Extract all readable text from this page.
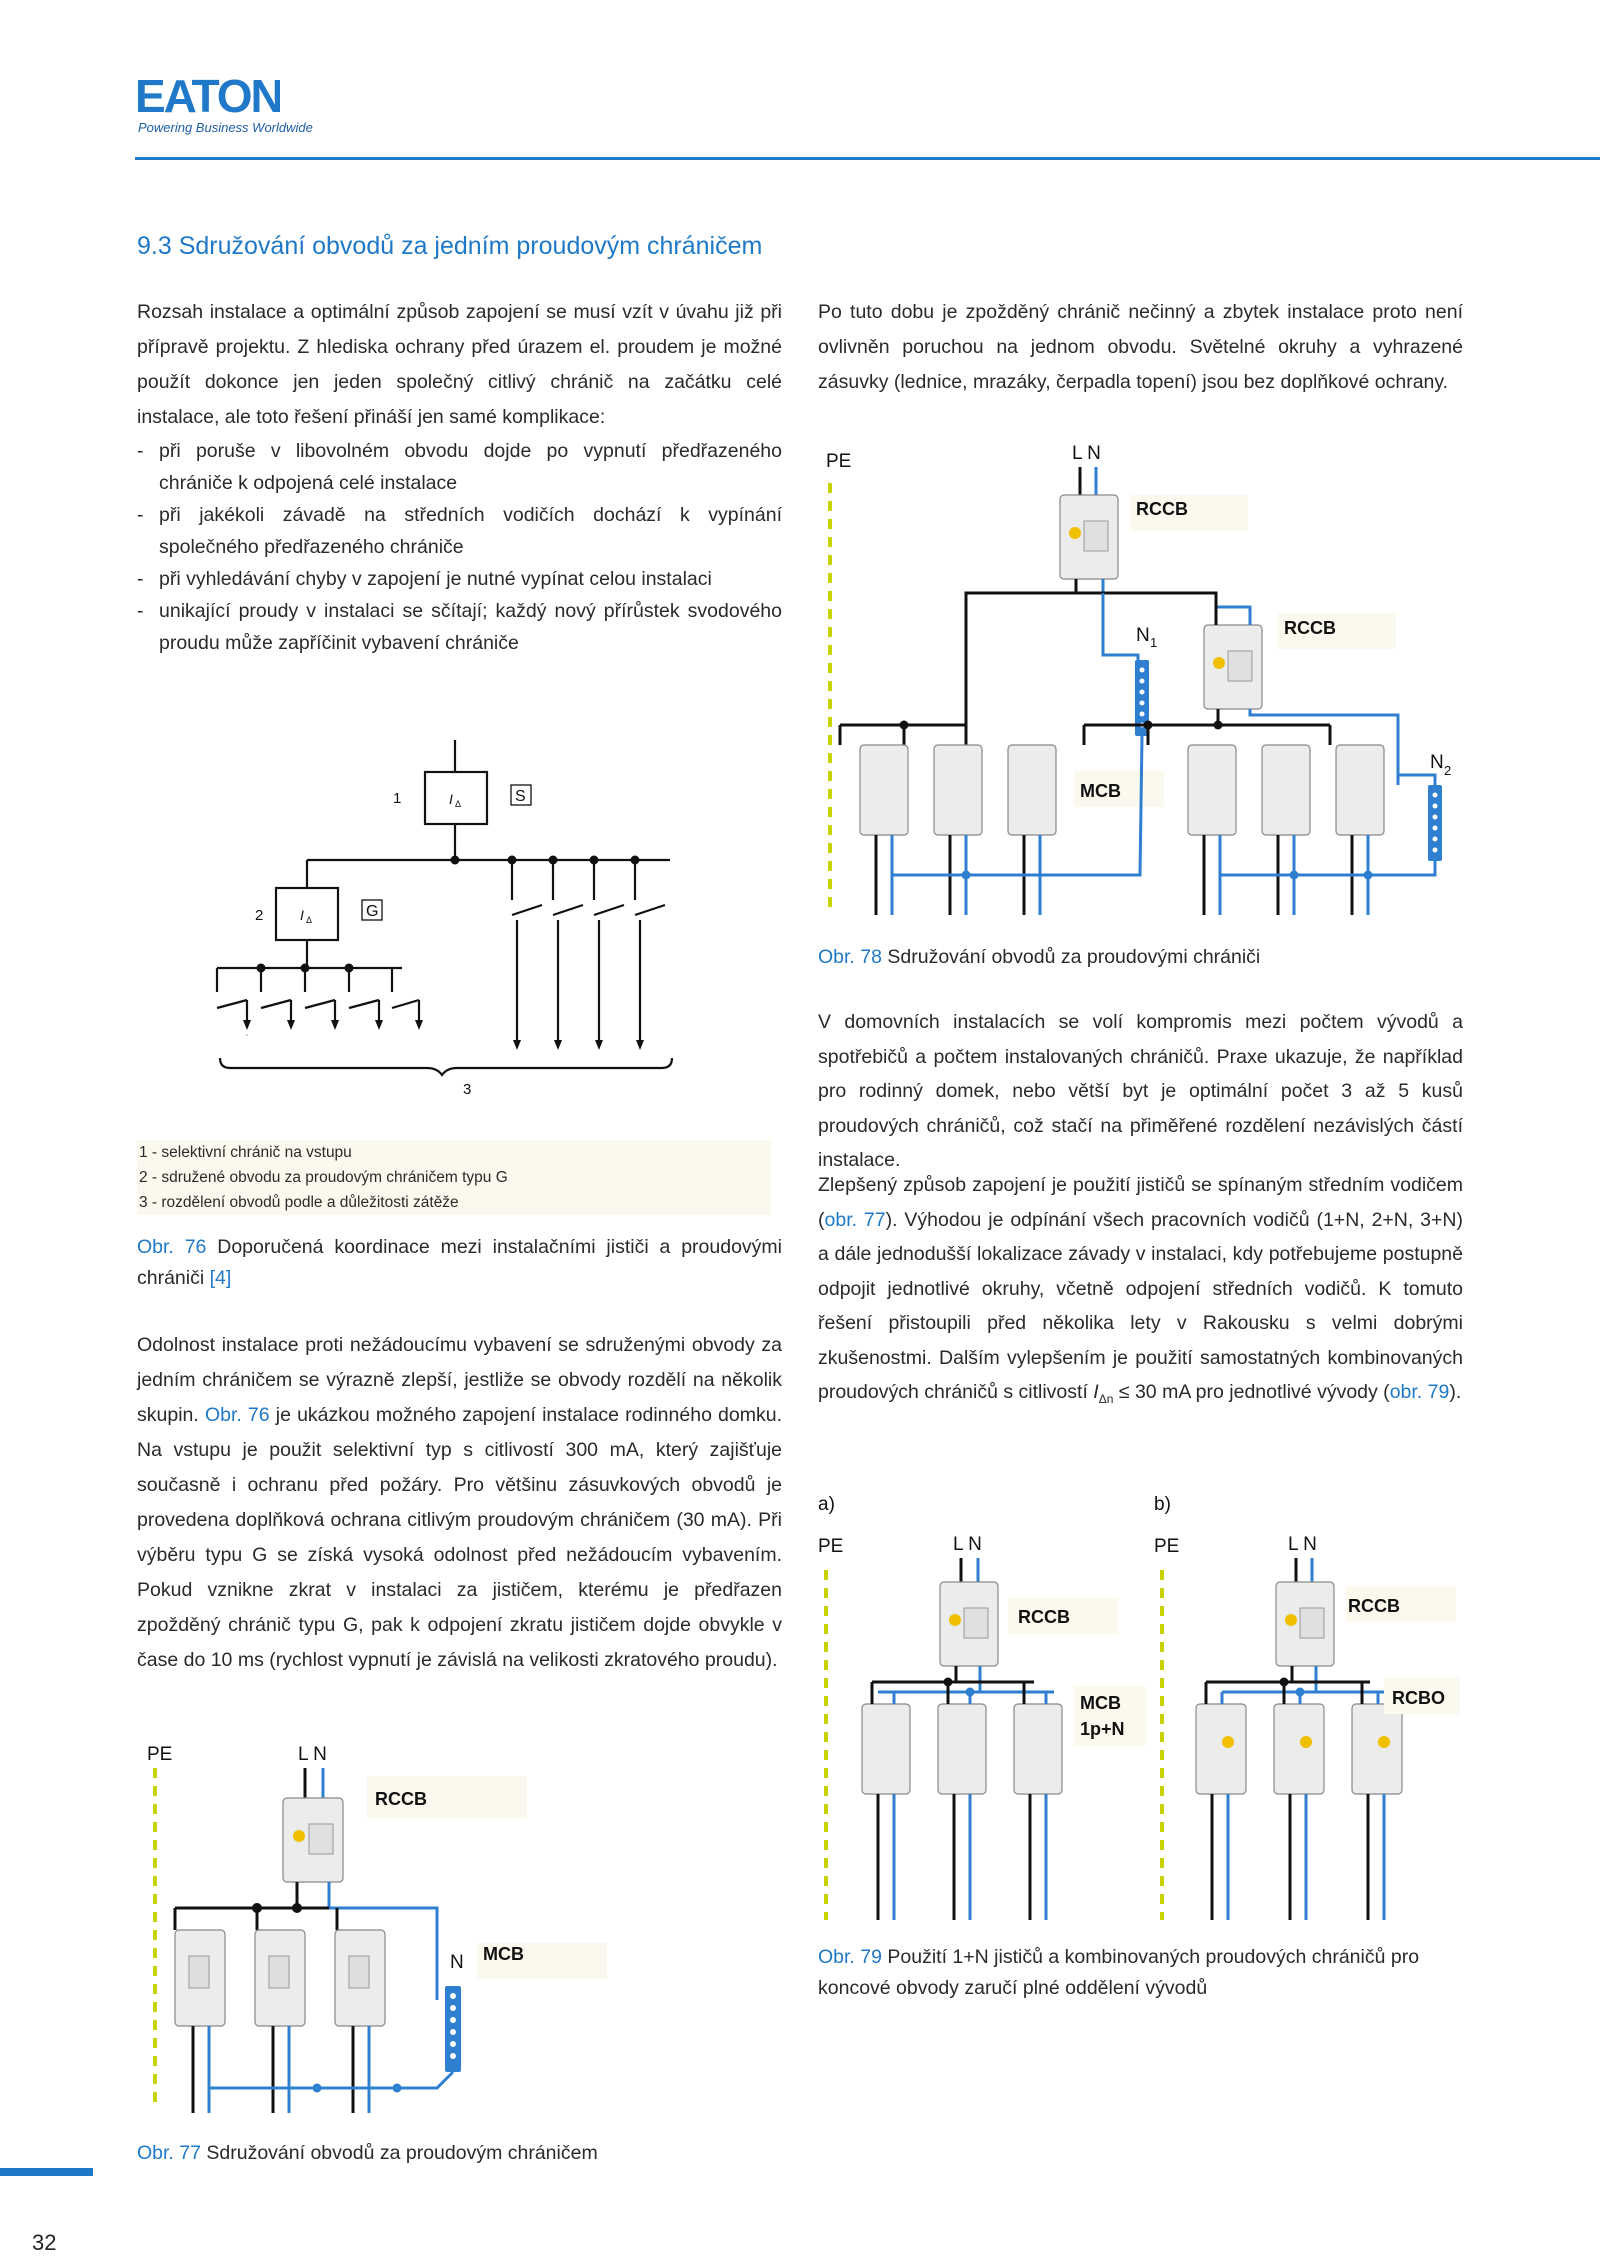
EATON
Powering Business Worldwide
9.3 Sdružování obvodů za jedním proudovým chráničem

Rozsah instalace a optimální způsob zapojení se musí vzít v úvahu již při přípravě projektu. Z hlediska ochrany před úrazem el. proudem je možné použít dokonce jen jeden společný citlivý chránič na začátku celé instalace, ale toto řešení přináší jen samé komplikace:

- při poruše v libovolném obvodu dojde po vypnutí předřazeného chrániče k odpojená celé instalace
- při jakékoli závadě na středních vodičích dochází k vypínání společného předřazeného chrániče
- při vyhledávání chyby v zapojení je nutné vypínat celou instalaci
- unikající proudy v instalaci se sčítají; každý nový přírůstek svodového proudu může zapříčinit vybavení chrániče
1	I Δ	S
2	I Δ	G
3
1 - selektivní chránič na vstupu
2 - sdružené obvodu za proudovým chráničem typu G
3 - rozdělení obvodů podle a důležitosti zátěže
Obr. 76 Doporučená koordinace mezi instalačními jističi a proudovými chrániči [4]
Odolnost instalace proti nežádoucímu vybavení se sdruženými obvody za jedním chráničem se výrazně zlepší, jestliže se obvody rozdělí na několik skupin. Obr. 76 je ukázkou možného zapojení instalace rodinného domku. Na vstupu je použit selektivní typ s citlivostí 300 mA, který zajišťuje současně i ochranu před požáry. Pro většinu zásuvkových obvodů je provedena doplňková ochrana citlivým proudovým chráničem (30 mA). Při výběru typu G se získá vysoká odolnost před nežádoucím vybavením. Pokud vznikne zkrat v instalaci za jističem, kterému je předřazen zpožděný chránič typu G, pak k odpojení zkratu jističem dojde obvykle v čase do 10 ms (rychlost vypnutí je závislá na velikosti zkratového proudu).
PE	L N
RCCB
N MCB
Obr. 77 Sdružování obvodů za proudovým chráničem
Po tuto dobu je zpožděný chránič nečinný a zbytek instalace proto není ovlivněn poruchou na jednom obvodu. Světelné okruhy a vyhrazené zásuvky (lednice, mrazáky, čerpadla topení) jsou bez doplňkové ochrany.
PE	L N
RCCB
N 1
RCCB
MCB
N 2
Obr. 78 Sdružování obvodů za proudovými chrániči
V domovních instalacích se volí kompromis mezi počtem vývodů a spotřebičů a počtem instalovaných chráničů. Praxe ukazuje, že například pro rodinný domek, nebo větší byt je optimální počet 3 až 5 kusů proudových chráničů, což stačí na přiměřené rozdělení nezávislých částí instalace.
Zlepšený způsob zapojení je použití jističů se spínaným středním vodičem (obr. 77). Výhodou je odpínání všech pracovních vodičů (1+N, 2+N, 3+N) a dále jednodušší lokalizace závady v instalaci, kdy potřebujeme postupně odpojit jednotlivé okruhy, včetně odpojení středních vodičů. K tomuto řešení přistoupili před několika lety v Rakousku s velmi dobrými zkušenostmi. Dalším vylepšením je použití samostatných kombinovaných proudových chráničů s citlivostí $I_{\Delta n} \le 30$ mA pro jednotlivé vývody (obr. 79).
a)	b)
PE	L N
RCCB
MCB
1p+N
PE	L N
RCCB
RCBO
Obr. 79 Použití 1+N jističů a kombinovaných proudových chráničů pro koncové obvody zaručí plné oddělení vývodů
32
